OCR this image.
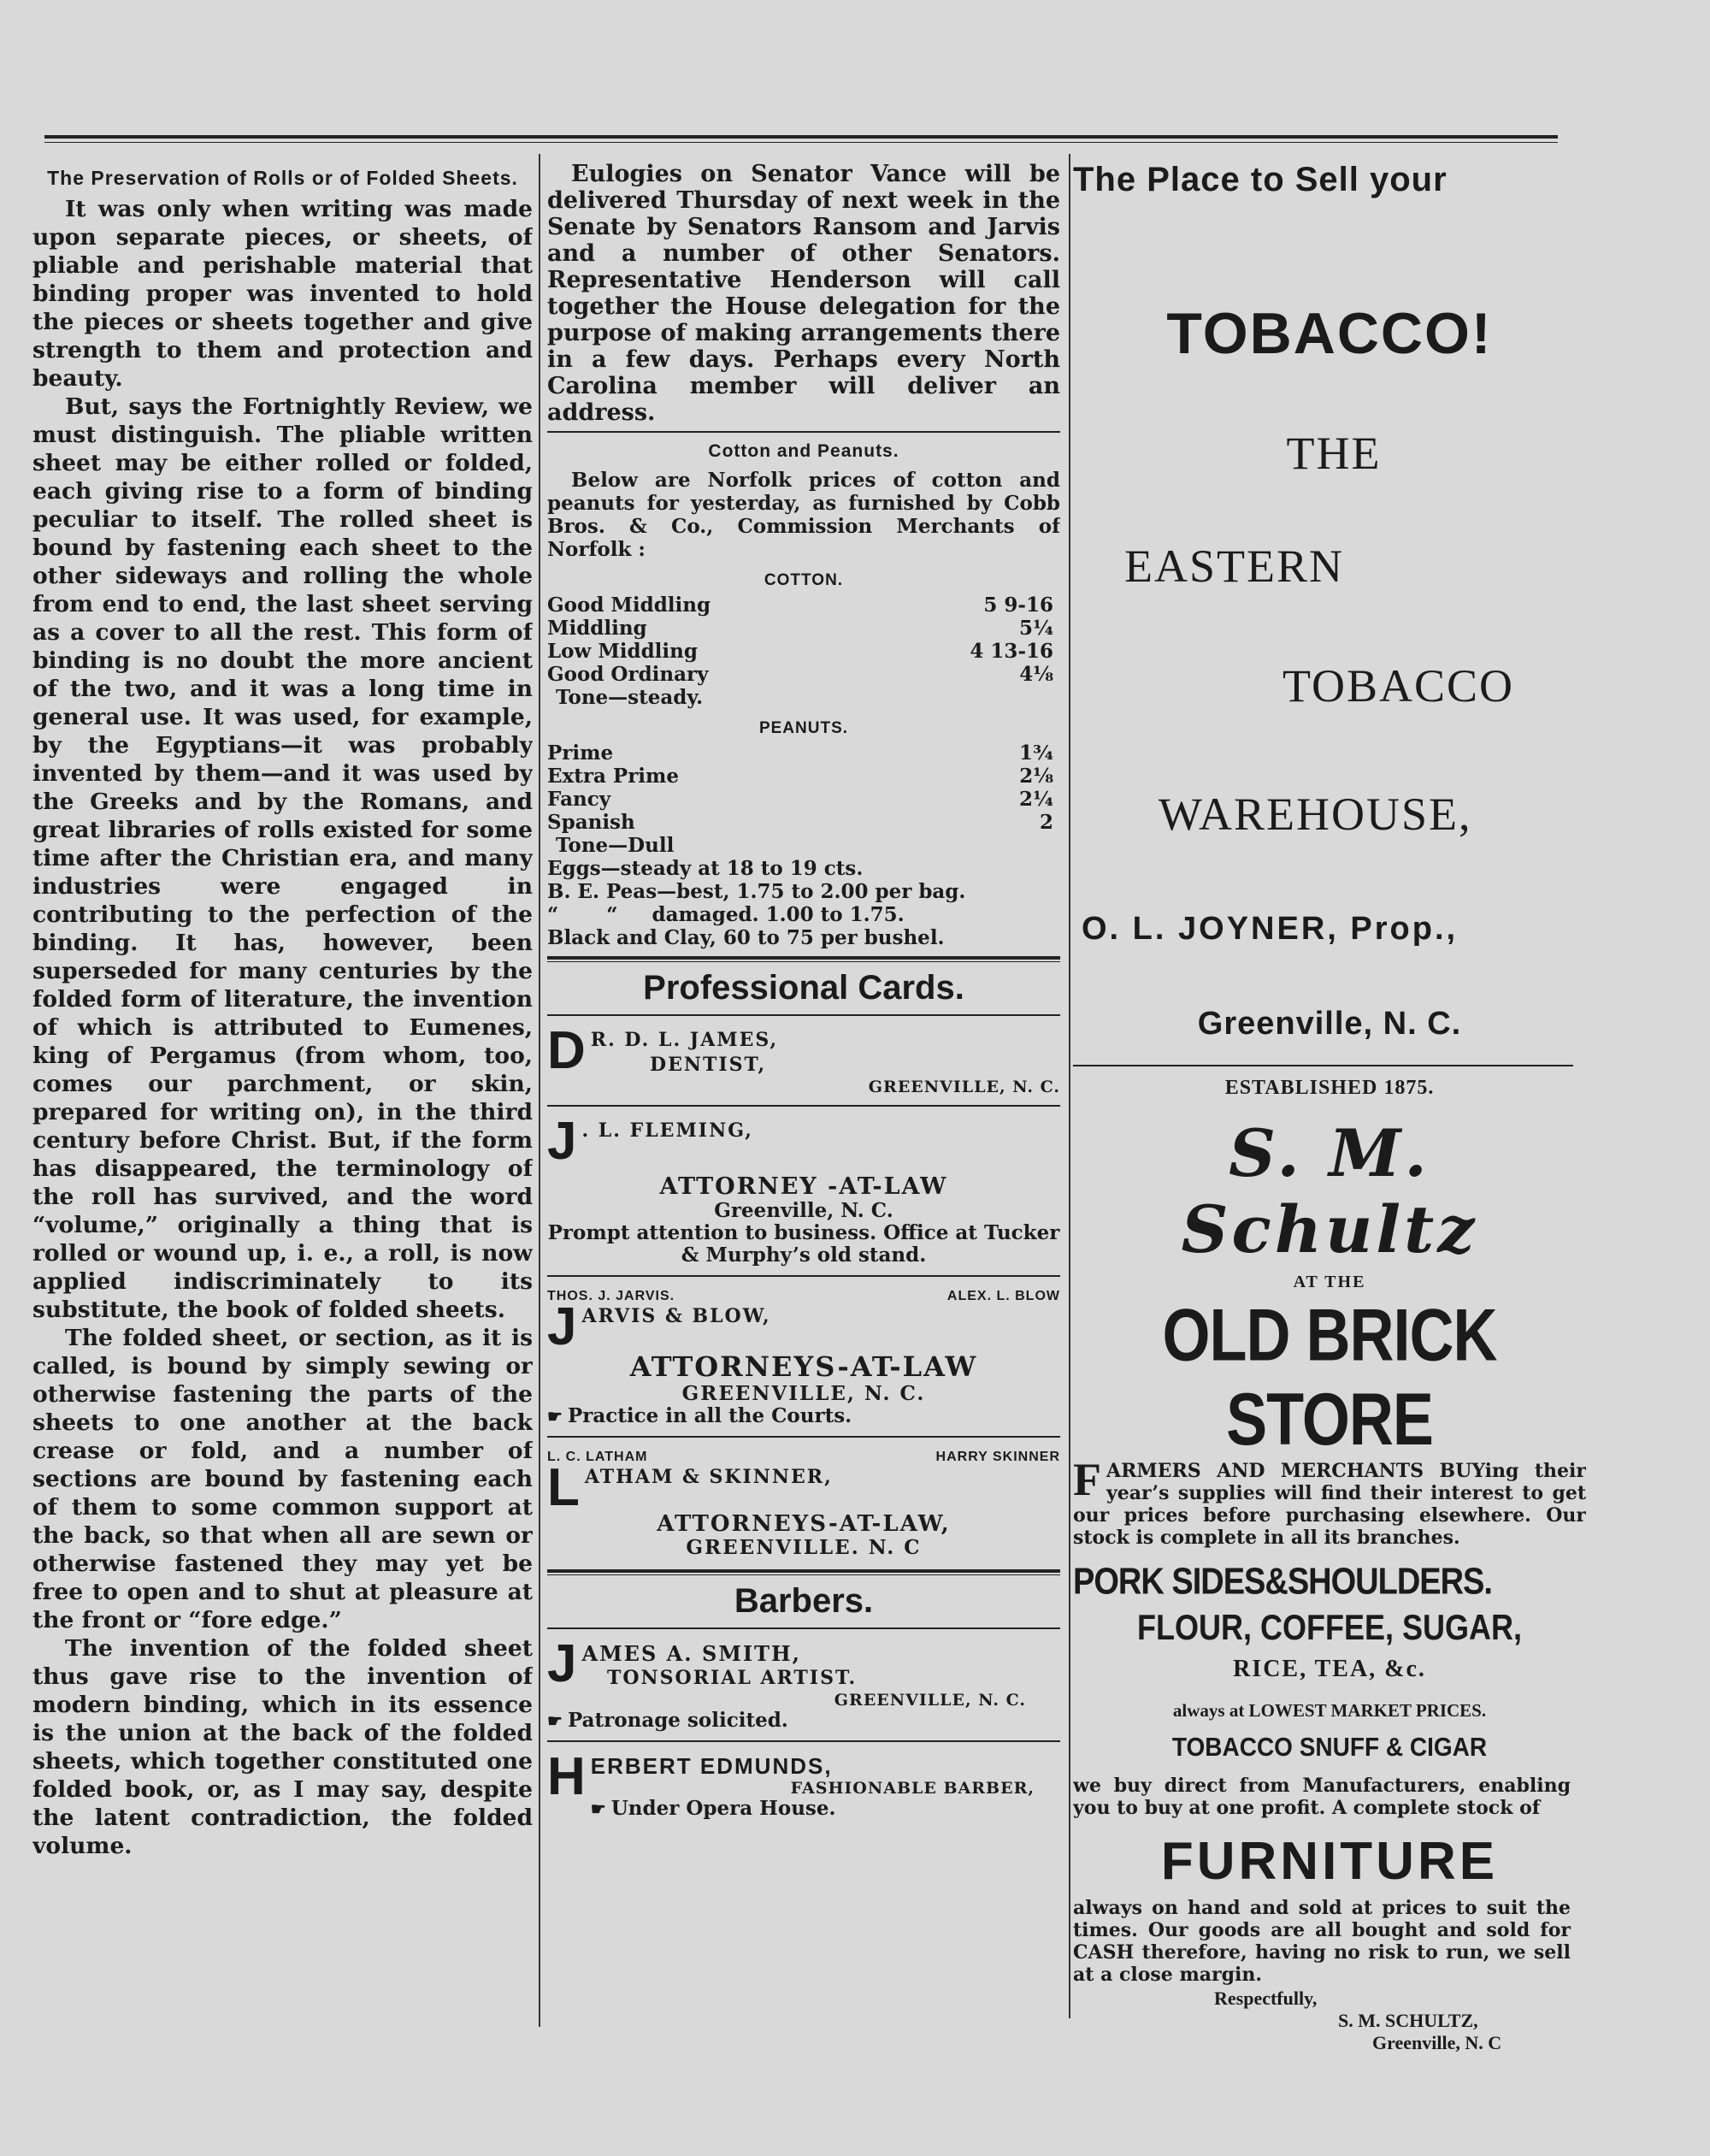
The Preservation of Rolls or of Folded Sheets.

It was only when writing was made upon separate pieces, or sheets, of pliable and perishable material that binding proper was invented to hold the pieces or sheets together and give strength to them and protection and beauty.

But, says the Fortnightly Review, we must distinguish. The pliable written sheet may be either rolled or folded, each giving rise to a form of binding peculiar to itself. The rolled sheet is bound by fastening each sheet to the other sideways and rolling the whole from end to end, the last sheet serving as a cover to all the rest. This form of binding is no doubt the more ancient of the two, and it was a long time in general use. It was used, for example, by the Egyptians—it was probably invented by them—and it was used by the Greeks and by the Romans, and great libraries of rolls existed for some time after the Christian era, and many industries were engaged in contributing to the perfection of the binding. It has, however, been superseded for many centuries by the folded form of literature, the invention of which is attributed to Eumenes, king of Pergamus (from whom, too, comes our parchment, or skin, prepared for writing on), in the third century before Christ. But, if the form has disappeared, the terminology of the roll has survived, and the word “volume,” originally a thing that is rolled or wound up, i. e., a roll, is now applied indiscriminately to its substitute, the book of folded sheets.

The folded sheet, or section, as it is called, is bound by simply sewing or otherwise fastening the parts of the sheets to one another at the back crease or fold, and a number of sections are bound by fastening each of them to some common support at the back, so that when all are sewn or otherwise fastened they may yet be free to open and to shut at pleasure at the front or “fore edge.”

The invention of the folded sheet thus gave rise to the invention of modern binding, which in its essence is the union at the back of the folded sheets, which together constituted one folded book, or, as I may say, despite the latent contradiction, the folded volume.

Eulogies on Senator Vance will be delivered Thursday of next week in the Senate by Senators Ransom and Jarvis and a number of other Senators. Representative Henderson will call together the House delegation for the purpose of making arrangements there in a few days. Perhaps every North Carolina member will deliver an address.

Cotton and Peanuts.

Below are Norfolk prices of cotton and peanuts for yesterday, as furnished by Cobb Bros. & Co., Commission Merchants of Norfolk :

COTTON.
Good Middling	5 9-16
Middling	5¼
Low Middling	4 13-16
Good Ordinary	4⅛
Tone—steady.
PEANUTS.
Prime	1¾
Extra Prime	2⅛
Fancy	2¼
Spanish	2
Tone—Dull
Eggs—steady at 18 to 19 cts.
B. E. Peas—best, 1.75 to 2.00 per bag.
“       “     damaged. 1.00 to 1.75.
Black and Clay, 60 to 75 per bushel.
Professional Cards.
D R. D. L. JAMES,
DENTIST,
GREENVILLE, N. C.
J . L. FLEMING,
ATTORNEY -AT-LAW
Greenville, N. C.
Prompt attention to business. Office at Tucker & Murphy’s old stand.
THOS. J. JARVIS.	ALEX. L. BLOW
J ARVIS & BLOW,
ATTORNEYS-AT-LAW
GREENVILLE, N. C.
☛ Practice in all the Courts.
L. C. LATHAM	HARRY SKINNER
L ATHAM & SKINNER,
ATTORNEYS-AT-LAW,
GREENVILLE. N. C
Barbers.
J AMES A. SMITH,
TONSORIAL ARTIST.
GREENVILLE, N. C.
☛ Patronage solicited.
H ERBERT EDMUNDS,
FASHIONABLE BARBER,
☛ Under Opera House.
The Place to Sell your
TOBACCO!
THE
EASTERN
TOBACCO
WAREHOUSE,
O. L. JOYNER, Prop.,
Greenville, N. C.
ESTABLISHED 1875.
S. M. Schultz
AT THE
OLD BRICK STORE
F ARMERS AND MERCHANTS BUYing their year’s supplies will find their interest to get our prices before purchasing elsewhere. Our stock is complete in all its branches.

PORK SIDES&SHOULDERS.
FLOUR, COFFEE, SUGAR,
RICE, TEA, &c.
always at LOWEST MARKET PRICES.
TOBACCO SNUFF & CIGAR

we buy direct from Manufacturers, enabling you to buy at one profit. A complete stock of

FURNITURE

always on hand and sold at prices to suit the times. Our goods are all bought and sold for CASH therefore, having no risk to run, we sell at a close margin.

Respectfully,
S. M. SCHULTZ,
Greenville, N. C
